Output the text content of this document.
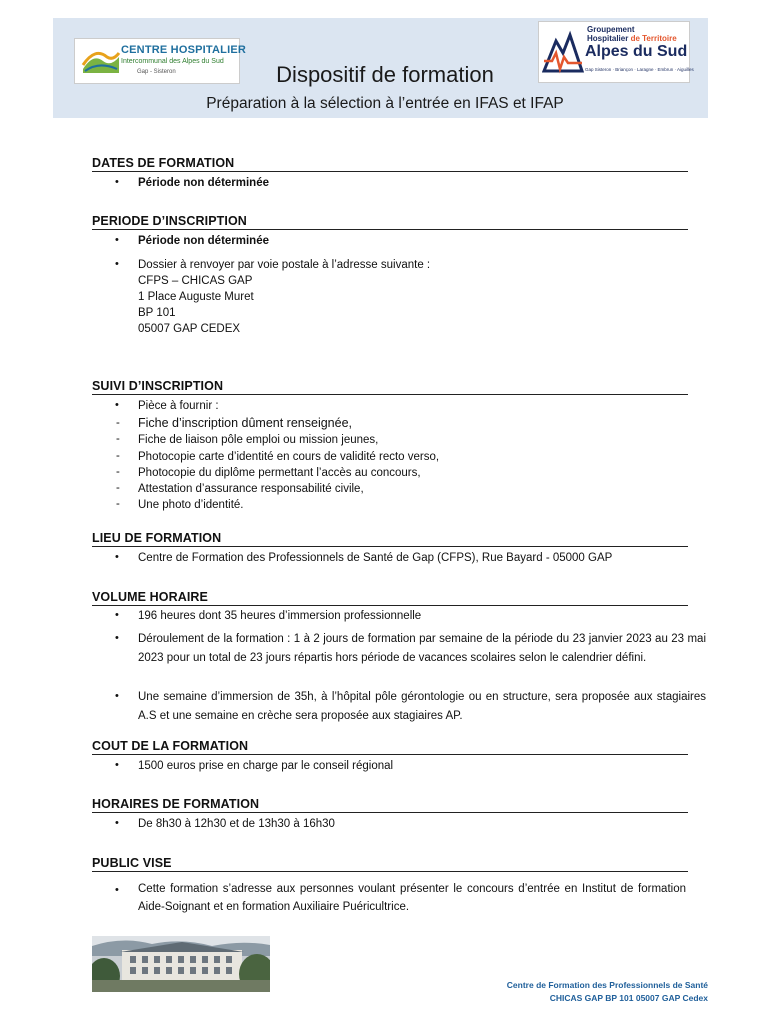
CENTRE HOSPITALIER
Intercommunal des Alpes du Sud
Gap - Sisteron
Groupement
Hospitalier de Territoire
Alpes du Sud
Gap Sisteron · Briançon · Laragne · Embrun · Aiguilles
Dispositif de formation
Préparation à la sélection à l’entrée en IFAS et IFAP
DATES DE FORMATION
• Période non déterminée
PERIODE D’INSCRIPTION
• Période non déterminée
• Dossier à renvoyer par voie postale à l’adresse suivante :
CFPS – CHICAS GAP
1 Place Auguste Muret
BP 101
05007 GAP CEDEX
SUIVI D’INSCRIPTION
• Pièce à fournir :
- Fiche d’inscription dûment renseignée,
- Fiche de liaison pôle emploi ou mission jeunes,
- Photocopie carte d’identité en cours de validité recto verso,
- Photocopie du diplôme permettant l’accès au concours,
- Attestation d’assurance responsabilité civile,
- Une photo d’identité.
LIEU DE FORMATION
• Centre de Formation des Professionnels de Santé de Gap (CFPS), Rue Bayard - 05000 GAP
VOLUME HORAIRE
• 196 heures dont 35 heures d’immersion professionnelle
• Déroulement de la formation : 1 à 2 jours de formation par semaine de la période du 23 janvier 2023 au 23 mai 2023 pour un total de 23 jours répartis hors période de vacances scolaires selon le calendrier défini.
• Une semaine d’immersion de 35h, à l’hôpital pôle gérontologie ou en structure, sera proposée aux stagiaires A.S et une semaine en crèche sera proposée aux stagiaires AP.
COUT DE LA FORMATION
• 1500 euros prise en charge par le conseil régional
HORAIRES DE FORMATION
• De 8h30 à 12h30 et de 13h30 à 16h30
PUBLIC VISE
• Cette formation s’adresse aux personnes voulant présenter le concours d’entrée en Institut de formation Aide-Soignant et en formation Auxiliaire Puéricultrice.
Centre de Formation des Professionnels de Santé
CHICAS GAP BP 101 05007 GAP Cedex
